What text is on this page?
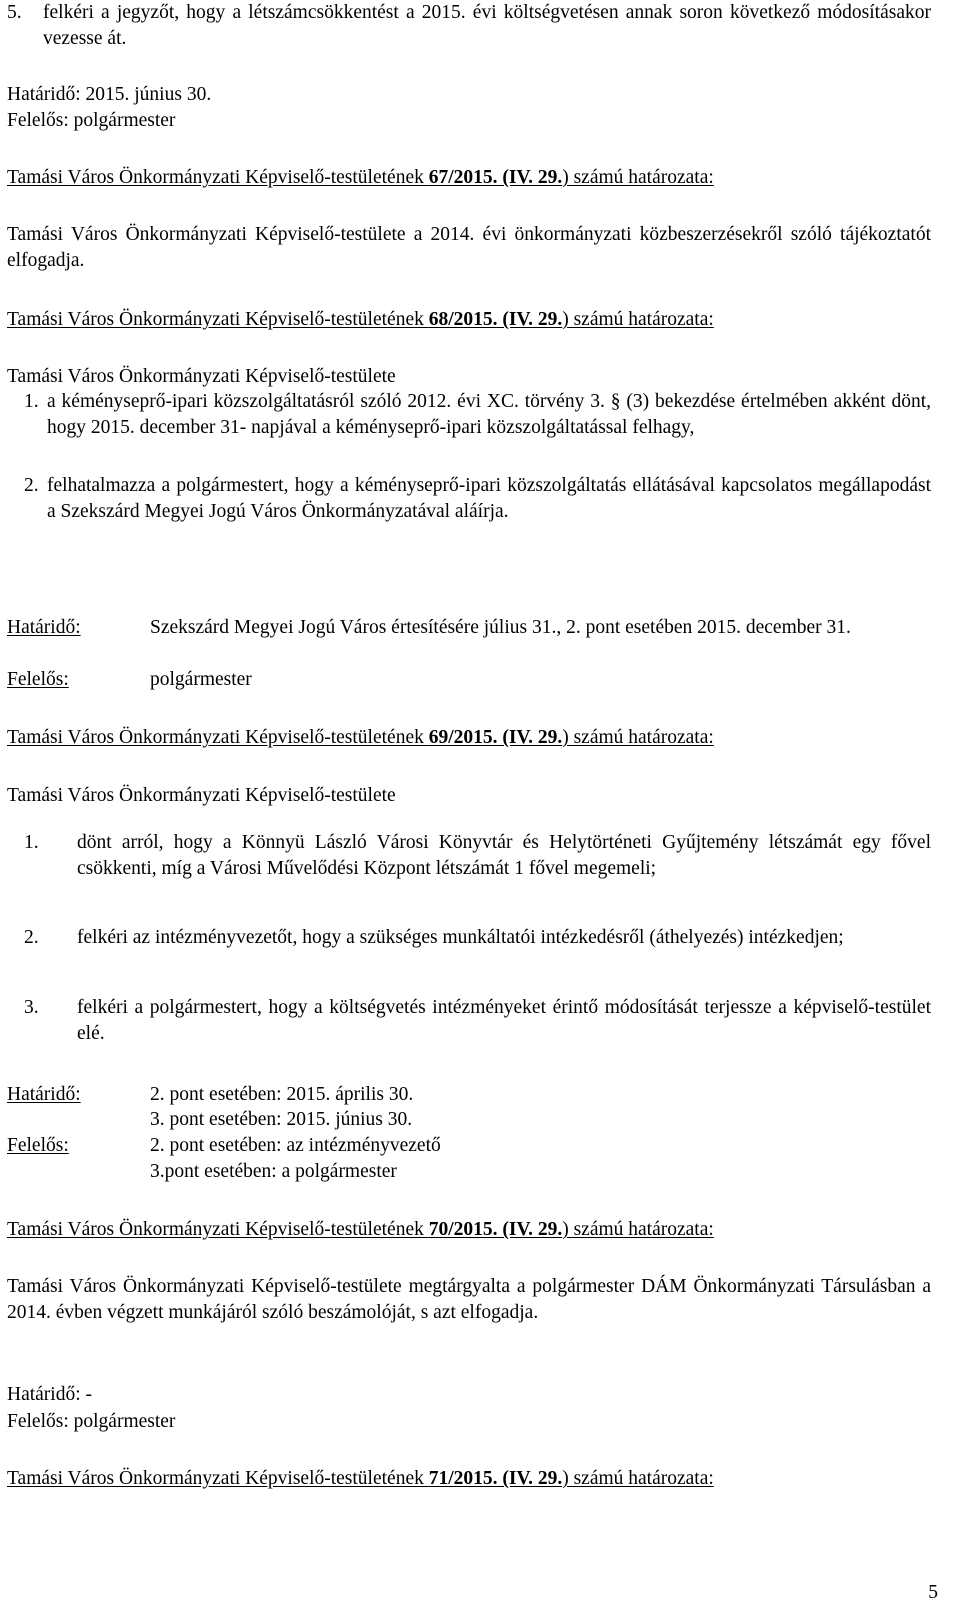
5. felkéri a jegyzőt, hogy a létszámcsökkentést a 2015. évi költségvetésen annak soron következő módosításakor vezesse át.
Határidő: 2015. június 30.
Felelős: polgármester
Tamási Város Önkormányzati Képviselő-testületének 67/2015. (IV. 29.) számú határozata:
Tamási Város Önkormányzati Képviselő-testülete a 2014. évi önkormányzati közbeszerzésekről szóló tájékoztatót elfogadja.
Tamási Város Önkormányzati Képviselő-testületének 68/2015. (IV. 29.) számú határozata:
Tamási Város Önkormányzati Képviselő-testülete
1. a kéményseprő-ipari közszolgáltatásról szóló 2012. évi XC. törvény 3. § (3) bekezdése értelmében akként dönt, hogy 2015. december 31- napjával a kéményseprő-ipari közszolgáltatással felhagy,
2. felhatalmazza a polgármestert, hogy a kéményseprő-ipari közszolgáltatás ellátásával kapcsolatos megállapodást a Szekszárd Megyei Jogú Város Önkormányzatával aláírja.
Határidő:	Szekszárd Megyei Jogú Város értesítésére július 31., 2. pont esetében 2015. december 31.
Felelős:	polgármester
Tamási Város Önkormányzati Képviselő-testületének 69/2015. (IV. 29.) számú határozata:
Tamási Város Önkormányzati Képviselő-testülete
1. dönt arról, hogy a Könnyü László Városi Könyvtár és Helytörténeti Gyűjtemény létszámát egy fővel csökkenti, míg a Városi Művelődési Központ létszámát 1 fővel megemeli;
2. felkéri az intézményvezetőt, hogy a szükséges munkáltatói intézkedésről (áthelyezés) intézkedjen;
3. felkéri a polgármestert, hogy a költségvetés intézményeket érintő módosítását terjessze a képviselő-testület elé.
Határidő:	2. pont esetében: 2015. április 30.
3. pont esetében: 2015. június 30.
Felelős:	2. pont esetében: az intézményvezető
3.pont esetében: a polgármester
Tamási Város Önkormányzati Képviselő-testületének 70/2015. (IV. 29.) számú határozata:
Tamási Város Önkormányzati Képviselő-testülete megtárgyalta a polgármester DÁM Önkormányzati Társulásban a 2014. évben végzett munkájáról szóló beszámolóját, s azt elfogadja.
Határidő: -
Felelős: polgármester
Tamási Város Önkormányzati Képviselő-testületének 71/2015. (IV. 29.) számú határozata:
5
